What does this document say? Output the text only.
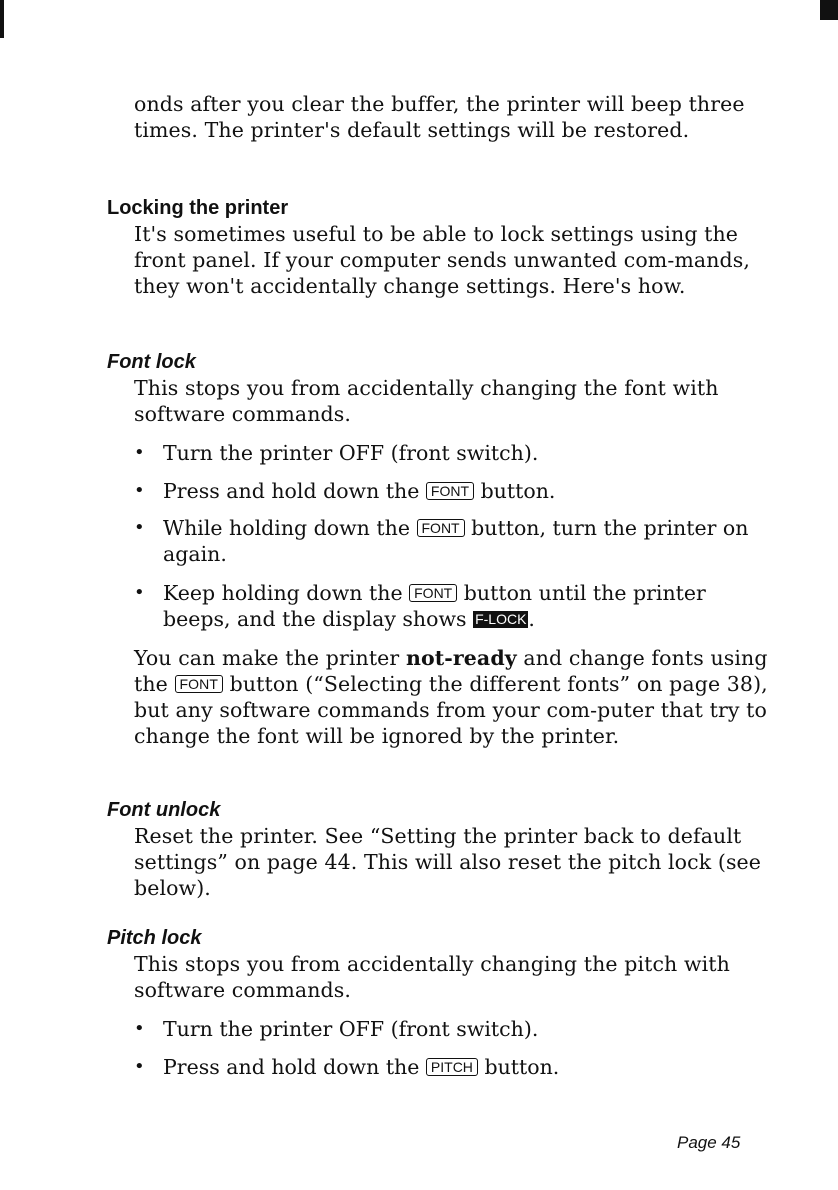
onds after you clear the buffer, the printer will beep three times. The printer's default settings will be restored.

Locking the printer

It's sometimes useful to be able to lock settings using the front panel. If your computer sends unwanted com-mands, they won't accidentally change settings. Here's how.

Font lock

This stops you from accidentally changing the font with software commands.

• Turn the printer OFF (front switch).
• Press and hold down the FONT button.
• While holding down the FONT button, turn the printer on again.
• Keep holding down the FONT button until the printer beeps, and the display shows F-LOCK.

You can make the printer not-ready and change fonts using the FONT button (“Selecting the different fonts” on page 38), but any software commands from your com-puter that try to change the font will be ignored by the printer.

Font unlock

Reset the printer. See “Setting the printer back to default settings” on page 44. This will also reset the pitch lock (see below).

Pitch lock

This stops you from accidentally changing the pitch with software commands.

• Turn the printer OFF (front switch).
• Press and hold down the PITCH button.

Page 45
